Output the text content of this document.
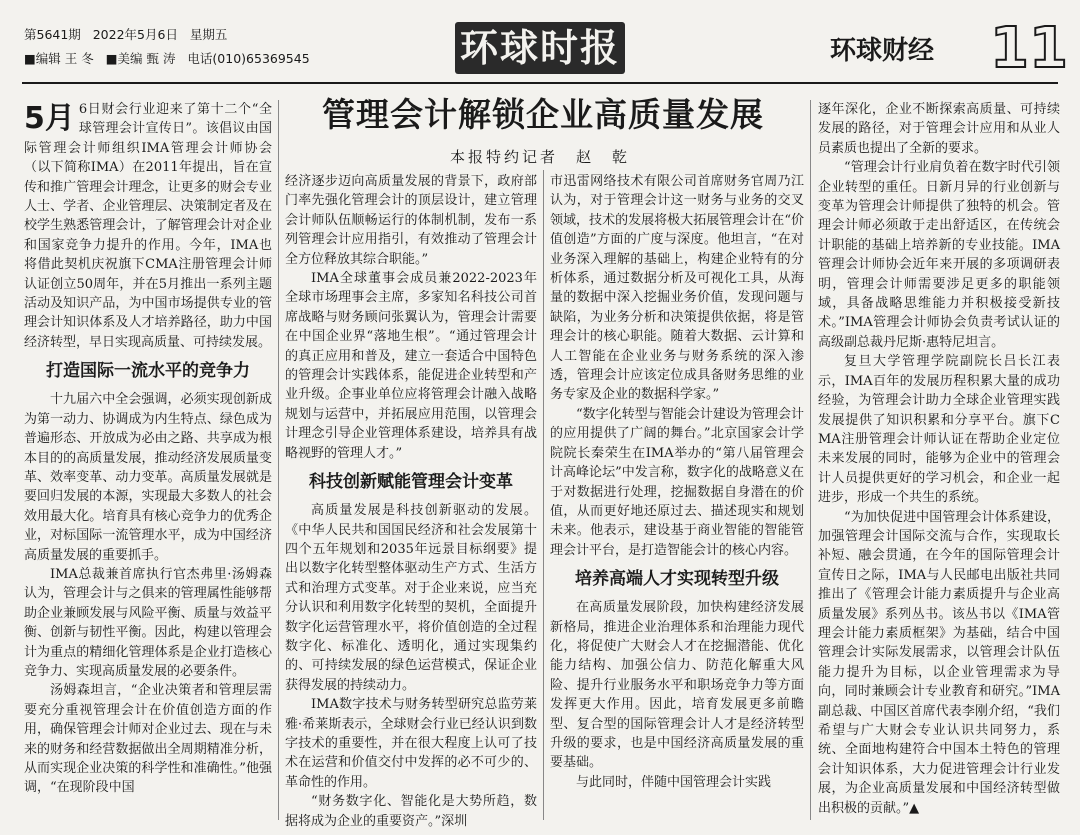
第5641期 2022年5月6日 星期五
■编辑 王 冬 ■美编 甄 涛 电话(010)65369545	环球时报	环球财经 11
管理会计解锁企业高质量发展
本报特约记者　赵　乾

5月 6日财会行业迎来了第十二个“全球管理会计宣传日”。该倡议由国际管理会计师组织IMA管理会计师协会（以下简称IMA）在2011年提出，旨在宣传和推广管理会计理念，让更多的财会专业人士、学者、企业管理层、决策制定者及在校学生熟悉管理会计，了解管理会计对企业和国家竞争力提升的作用。今年，IMA也将借此契机庆祝旗下CMA注册管理会计师认证创立50周年，并在5月推出一系列主题活动及知识产品，为中国市场提供专业的管理会计知识体系及人才培养路径，助力中国经济转型，早日实现高质量、可持续发展。

打造国际一流水平的竞争力

十九届六中全会强调，必须实现创新成为第一动力、协调成为内生特点、绿色成为普遍形态、开放成为必由之路、共享成为根本目的的高质量发展，推动经济发展质量变革、效率变革、动力变革。高质量发展就是要回归发展的本源，实现最大多数人的社会效用最大化。培育具有核心竞争力的优秀企业，对标国际一流管理水平，成为中国经济高质量发展的重要抓手。

IMA总裁兼首席执行官杰弗里·汤姆森认为，管理会计与之俱来的管理属性能够帮助企业兼顾发展与风险平衡、质量与效益平衡、创新与韧性平衡。因此，构建以管理会计为重点的精细化管理体系是企业打造核心竞争力、实现高质量发展的必要条件。

汤姆森坦言，“企业决策者和管理层需要充分重视管理会计在价值创造方面的作用，确保管理会计师对企业过去、现在与未来的财务和经营数据做出全周期精准分析，从而实现企业决策的科学性和准确性。”他强调，“在现阶段中国

经济逐步迈向高质量发展的背景下，政府部门率先强化管理会计的顶层设计，建立管理会计师队伍顺畅运行的体制机制，发布一系列管理会计应用指引，有效推动了管理会计全方位释放其综合职能。”

IMA全球董事会成员兼2022-2023年全球市场理事会主席，多家知名科技公司首席战略与财务顾问张翼认为，管理会计需要在中国企业界“落地生根”。“通过管理会计的真正应用和普及，建立一套适合中国特色的管理会计实践体系，能促进企业转型和产业升级。企事业单位应将管理会计融入战略规划与运营中，并拓展应用范围，以管理会计理念引导企业管理体系建设，培养具有战略视野的管理人才。”

科技创新赋能管理会计变革

高质量发展是科技创新驱动的发展。《中华人民共和国国民经济和社会发展第十四个五年规划和2035年远景目标纲要》提出以数字化转型整体驱动生产方式、生活方式和治理方式变革。对于企业来说，应当充分认识和利用数字化转型的契机，全面提升数字化运营管理水平，将价值创造的全过程数字化、标准化、透明化，通过实现集约的、可持续发展的绿色运营模式，保证企业获得发展的持续动力。

IMA数字技术与财务转型研究总监劳莱雅·希莱斯表示，全球财会行业已经认识到数字技术的重要性，并在很大程度上认可了技术在运营和价值交付中发挥的必不可少的、革命性的作用。

“财务数字化、智能化是大势所趋，数据将成为企业的重要资产。”深圳

市迅雷网络技术有限公司首席财务官周乃江认为，对于管理会计这一财务与业务的交叉领域，技术的发展将极大拓展管理会计在“价值创造”方面的广度与深度。他坦言，“在对业务深入理解的基础上，构建企业特有的分析体系，通过数据分析及可视化工具，从海量的数据中深入挖掘业务价值，发现问题与缺陷，为业务分析和决策提供依据，将是管理会计的核心职能。随着大数据、云计算和人工智能在企业业务与财务系统的深入渗透，管理会计应该定位成具备财务思维的业务专家及企业的数据科学家。”

“数字化转型与智能会计建设为管理会计的应用提供了广阔的舞台。”北京国家会计学院院长秦荣生在IMA举办的“第八届管理会计高峰论坛”中发言称，数字化的战略意义在于对数据进行处理，挖掘数据自身潜在的价值，从而更好地还原过去、描述现实和规划未来。他表示，建设基于商业智能的智能管理会计平台，是打造智能会计的核心内容。

培养高端人才实现转型升级

在高质量发展阶段，加快构建经济发展新格局，推进企业治理体系和治理能力现代化，将促使广大财会人才在挖掘潜能、优化能力结构、加强公信力、防范化解重大风险、提升行业服务水平和职场竞争力等方面发挥更大作用。因此，培育发展更多前瞻型、复合型的国际管理会计人才是经济转型升级的要求，也是中国经济高质量发展的重要基础。

与此同时，伴随中国管理会计实践

逐年深化，企业不断探索高质量、可持续发展的路径，对于管理会计应用和从业人员素质也提出了全新的要求。

“管理会计行业肩负着在数字时代引领企业转型的重任。日新月异的行业创新与变革为管理会计师提供了独特的机会。管理会计师必须敢于走出舒适区，在传统会计职能的基础上培养新的专业技能。IMA管理会计师协会近年来开展的多项调研表明，管理会计师需要涉足更多的职能领域，具备战略思维能力并积极接受新技术。”IMA管理会计师协会负责考试认证的高级副总裁丹尼斯·惠特尼坦言。

复旦大学管理学院副院长吕长江表示，IMA百年的发展历程积累大量的成功经验，为管理会计助力全球企业管理实践发展提供了知识积累和分享平台。旗下CMA注册管理会计师认证在帮助企业定位未来发展的同时，能够为企业中的管理会计人员提供更好的学习机会，和企业一起进步，形成一个共生的系统。

“为加快促进中国管理会计体系建设，加强管理会计国际交流与合作，实现取长补短、融会贯通，在今年的国际管理会计宣传日之际，IMA与人民邮电出版社共同推出了《管理会计能力素质提升与企业高质量发展》系列丛书。该丛书以《IMA管理会计能力素质框架》为基础，结合中国管理会计实际发展需求，以管理会计队伍能力提升为目标，以企业管理需求为导向，同时兼顾会计专业教育和研究。”IMA副总裁、中国区首席代表李刚介绍，“我们希望与广大财会专业认识共同努力，系统、全面地构建符合中国本土特色的管理会计知识体系，大力促进管理会计行业发展，为企业高质量发展和中国经济转型做出积极的贡献。”▲
